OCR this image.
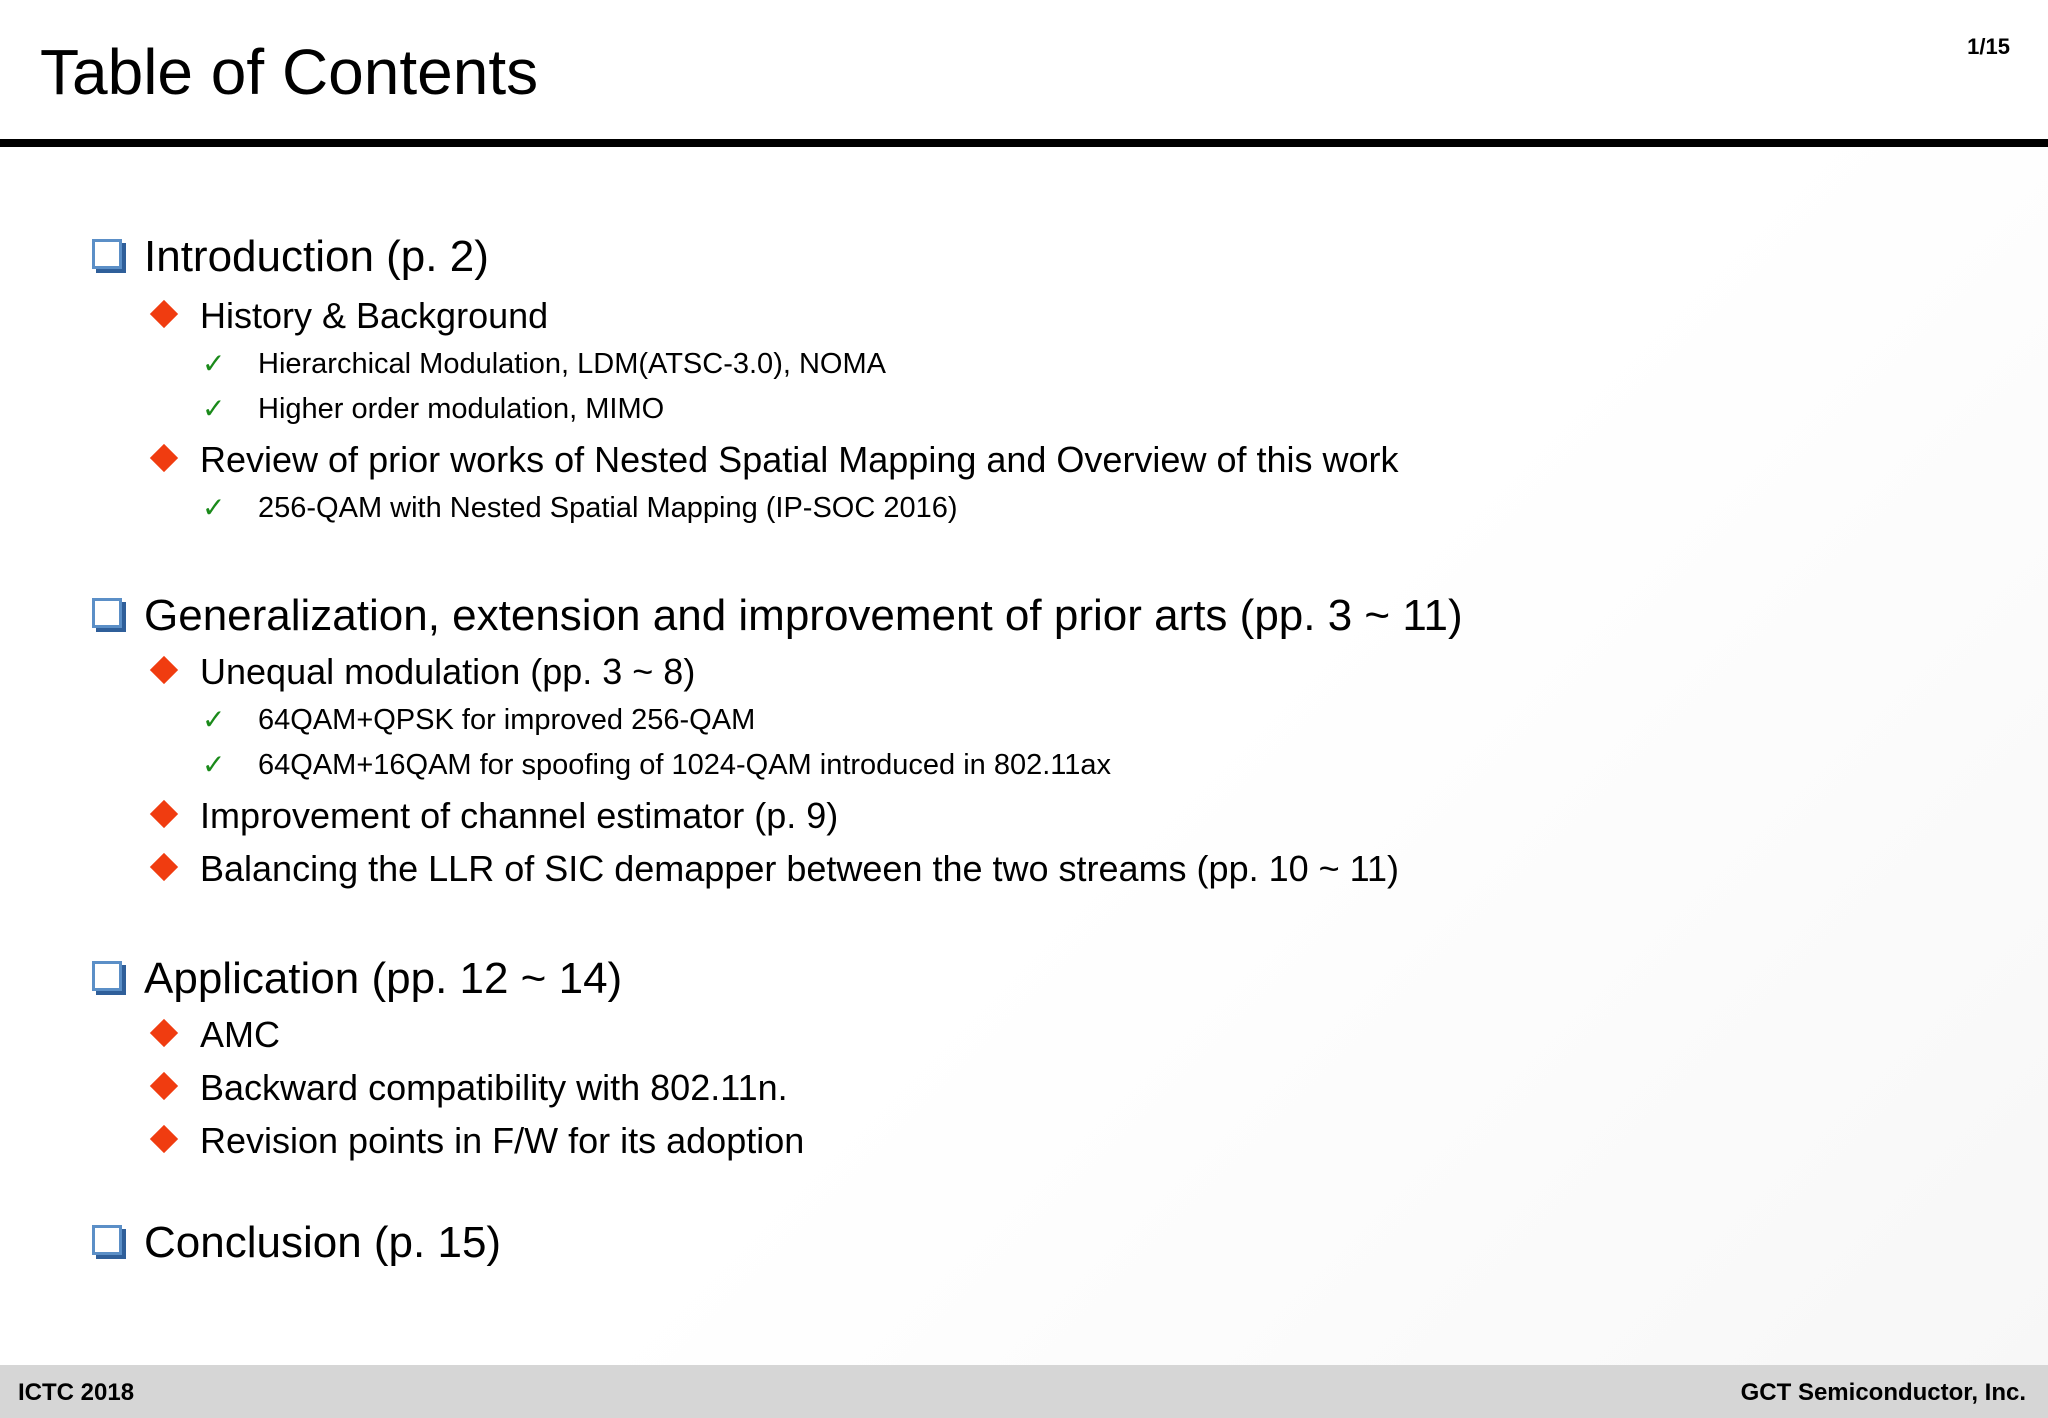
Table of Contents	1/15
Introduction (p. 2)
History & Background
✓ Hierarchical Modulation, LDM(ATSC-3.0), NOMA
✓ Higher order modulation, MIMO
Review of prior works of Nested Spatial Mapping and Overview of this work
✓ 256-QAM with Nested Spatial Mapping (IP-SOC 2016)
Generalization, extension and improvement of prior arts (pp. 3 ~ 11)
Unequal modulation (pp. 3 ~ 8)
✓ 64QAM+QPSK for improved 256-QAM
✓ 64QAM+16QAM for spoofing of 1024-QAM introduced in 802.11ax
Improvement of channel estimator (p. 9)
Balancing the LLR of SIC demapper between the two streams (pp. 10 ~ 11)
Application (pp. 12 ~ 14)
AMC
Backward compatibility with 802.11n.
Revision points in F/W for its adoption
Conclusion (p. 15)
ICTC 2018	GCT Semiconductor, Inc.
